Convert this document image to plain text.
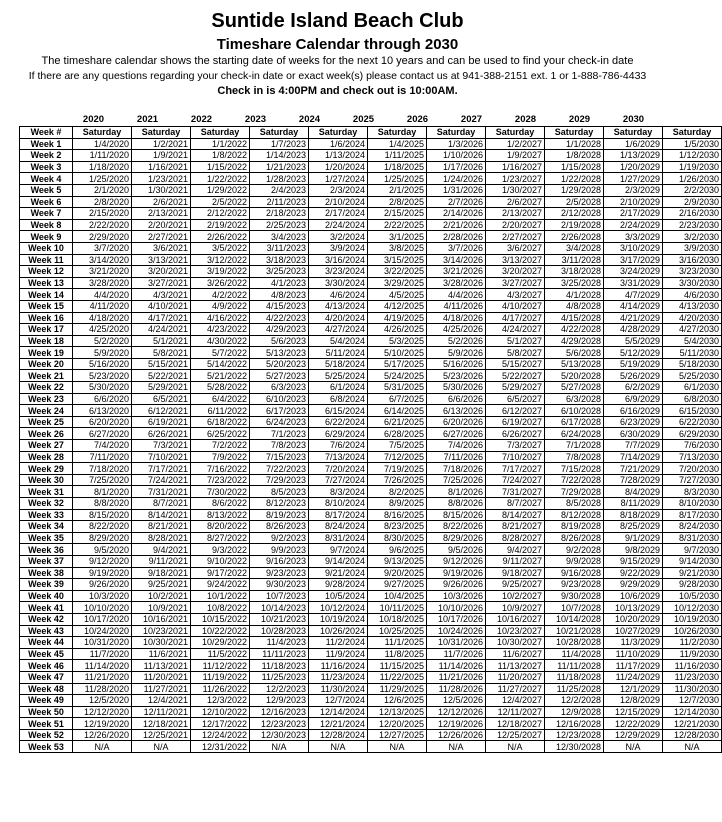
Suntide Island Beach Club
Timeshare Calendar through 2030
The timeshare calendar shows the starting date of weeks for the next 10 years and can be used to find your check-in date
If there are any questions regarding your check-in date or exact week(s) please contact us at 941-388-2151 ext. 1 or 1-888-786-4433
Check in is 4:00PM and check out is 10:00AM.
2020	2021	2022	2023	2024	2025	2026	2027	2028	2029	2030
Week #	Saturday	Saturday	Saturday	Saturday	Saturday	Saturday	Saturday	Saturday	Saturday	Saturday	Saturday
Week 1	1/4/2020	1/2/2021	1/1/2022	1/7/2023	1/6/2024	1/4/2025	1/3/2026	1/2/2027	1/1/2028	1/6/2029	1/5/2030
Week 2	1/11/2020	1/9/2021	1/8/2022	1/14/2023	1/13/2024	1/11/2025	1/10/2026	1/9/2027	1/8/2028	1/13/2029	1/12/2030
Week 3	1/18/2020	1/16/2021	1/15/2022	1/21/2023	1/20/2024	1/18/2025	1/17/2026	1/16/2027	1/15/2028	1/20/2029	1/19/2030
Week 4	1/25/2020	1/23/2021	1/22/2022	1/28/2023	1/27/2024	1/25/2025	1/24/2026	1/23/2027	1/22/2028	1/27/2029	1/26/2030
Week 5	2/1/2020	1/30/2021	1/29/2022	2/4/2023	2/3/2024	2/1/2025	1/31/2026	1/30/2027	1/29/2028	2/3/2029	2/2/2030
Week 6	2/8/2020	2/6/2021	2/5/2022	2/11/2023	2/10/2024	2/8/2025	2/7/2026	2/6/2027	2/5/2028	2/10/2029	2/9/2030
Week 7	2/15/2020	2/13/2021	2/12/2022	2/18/2023	2/17/2024	2/15/2025	2/14/2026	2/13/2027	2/12/2028	2/17/2029	2/16/2030
Week 8	2/22/2020	2/20/2021	2/19/2022	2/25/2023	2/24/2024	2/22/2025	2/21/2026	2/20/2027	2/19/2028	2/24/2029	2/23/2030
Week 9	2/29/2020	2/27/2021	2/26/2022	3/4/2023	3/2/2024	3/1/2025	2/28/2026	2/27/2027	2/26/2028	3/3/2029	3/2/2030
Week 10	3/7/2020	3/6/2021	3/5/2022	3/11/2023	3/9/2024	3/8/2025	3/7/2026	3/6/2027	3/4/2028	3/10/2029	3/9/2030
Week 11	3/14/2020	3/13/2021	3/12/2022	3/18/2023	3/16/2024	3/15/2025	3/14/2026	3/13/2027	3/11/2028	3/17/2029	3/16/2030
Week 12	3/21/2020	3/20/2021	3/19/2022	3/25/2023	3/23/2024	3/22/2025	3/21/2026	3/20/2027	3/18/2028	3/24/2029	3/23/2030
Week 13	3/28/2020	3/27/2021	3/26/2022	4/1/2023	3/30/2024	3/29/2025	3/28/2026	3/27/2027	3/25/2028	3/31/2029	3/30/2030
Week 14	4/4/2020	4/3/2021	4/2/2022	4/8/2023	4/6/2024	4/5/2025	4/4/2026	4/3/2027	4/1/2028	4/7/2029	4/6/2030
Week 15	4/11/2020	4/10/2021	4/9/2022	4/15/2023	4/13/2024	4/12/2025	4/11/2026	4/10/2027	4/8/2028	4/14/2029	4/13/2030
Week 16	4/18/2020	4/17/2021	4/16/2022	4/22/2023	4/20/2024	4/19/2025	4/18/2026	4/17/2027	4/15/2028	4/21/2029	4/20/2030
Week 17	4/25/2020	4/24/2021	4/23/2022	4/29/2023	4/27/2024	4/26/2025	4/25/2026	4/24/2027	4/22/2028	4/28/2029	4/27/2030
Week 18	5/2/2020	5/1/2021	4/30/2022	5/6/2023	5/4/2024	5/3/2025	5/2/2026	5/1/2027	4/29/2028	5/5/2029	5/4/2030
Week 19	5/9/2020	5/8/2021	5/7/2022	5/13/2023	5/11/2024	5/10/2025	5/9/2026	5/8/2027	5/6/2028	5/12/2029	5/11/2030
Week 20	5/16/2020	5/15/2021	5/14/2022	5/20/2023	5/18/2024	5/17/2025	5/16/2026	5/15/2027	5/13/2028	5/19/2029	5/18/2030
Week 21	5/23/2020	5/22/2021	5/21/2022	5/27/2023	5/25/2024	5/24/2025	5/23/2026	5/22/2027	5/20/2028	5/26/2029	5/25/2030
Week 22	5/30/2020	5/29/2021	5/28/2022	6/3/2023	6/1/2024	5/31/2025	5/30/2026	5/29/2027	5/27/2028	6/2/2029	6/1/2030
Week 23	6/6/2020	6/5/2021	6/4/2022	6/10/2023	6/8/2024	6/7/2025	6/6/2026	6/5/2027	6/3/2028	6/9/2029	6/8/2030
Week 24	6/13/2020	6/12/2021	6/11/2022	6/17/2023	6/15/2024	6/14/2025	6/13/2026	6/12/2027	6/10/2028	6/16/2029	6/15/2030
Week 25	6/20/2020	6/19/2021	6/18/2022	6/24/2023	6/22/2024	6/21/2025	6/20/2026	6/19/2027	6/17/2028	6/23/2029	6/22/2030
Week 26	6/27/2020	6/26/2021	6/25/2022	7/1/2023	6/29/2024	6/28/2025	6/27/2026	6/26/2027	6/24/2028	6/30/2029	6/29/2030
Week 27	7/4/2020	7/3/2021	7/2/2022	7/8/2023	7/6/2024	7/5/2025	7/4/2026	7/3/2027	7/1/2028	7/7/2029	7/6/2030
Week 28	7/11/2020	7/10/2021	7/9/2022	7/15/2023	7/13/2024	7/12/2025	7/11/2026	7/10/2027	7/8/2028	7/14/2029	7/13/2030
Week 29	7/18/2020	7/17/2021	7/16/2022	7/22/2023	7/20/2024	7/19/2025	7/18/2026	7/17/2027	7/15/2028	7/21/2029	7/20/2030
Week 30	7/25/2020	7/24/2021	7/23/2022	7/29/2023	7/27/2024	7/26/2025	7/25/2026	7/24/2027	7/22/2028	7/28/2029	7/27/2030
Week 31	8/1/2020	7/31/2021	7/30/2022	8/5/2023	8/3/2024	8/2/2025	8/1/2026	7/31/2027	7/29/2028	8/4/2029	8/3/2030
Week 32	8/8/2020	8/7/2021	8/6/2022	8/12/2023	8/10/2024	8/9/2025	8/8/2026	8/7/2027	8/5/2028	8/11/2029	8/10/2030
Week 33	8/15/2020	8/14/2021	8/13/2022	8/19/2023	8/17/2024	8/16/2025	8/15/2026	8/14/2027	8/12/2028	8/18/2029	8/17/2030
Week 34	8/22/2020	8/21/2021	8/20/2022	8/26/2023	8/24/2024	8/23/2025	8/22/2026	8/21/2027	8/19/2028	8/25/2029	8/24/2030
Week 35	8/29/2020	8/28/2021	8/27/2022	9/2/2023	8/31/2024	8/30/2025	8/29/2026	8/28/2027	8/26/2028	9/1/2029	8/31/2030
Week 36	9/5/2020	9/4/2021	9/3/2022	9/9/2023	9/7/2024	9/6/2025	9/5/2026	9/4/2027	9/2/2028	9/8/2029	9/7/2030
Week 37	9/12/2020	9/11/2021	9/10/2022	9/16/2023	9/14/2024	9/13/2025	9/12/2026	9/11/2027	9/9/2028	9/15/2029	9/14/2030
Week 38	9/19/2020	9/18/2021	9/17/2022	9/23/2023	9/21/2024	9/20/2025	9/19/2026	9/18/2027	9/16/2028	9/22/2029	9/21/2030
Week 39	9/26/2020	9/25/2021	9/24/2022	9/30/2023	9/28/2024	9/27/2025	9/26/2026	9/25/2027	9/23/2028	9/29/2029	9/28/2030
Week 40	10/3/2020	10/2/2021	10/1/2022	10/7/2023	10/5/2024	10/4/2025	10/3/2026	10/2/2027	9/30/2028	10/6/2029	10/5/2030
Week 41	10/10/2020	10/9/2021	10/8/2022	10/14/2023	10/12/2024	10/11/2025	10/10/2026	10/9/2027	10/7/2028	10/13/2029	10/12/2030
Week 42	10/17/2020	10/16/2021	10/15/2022	10/21/2023	10/19/2024	10/18/2025	10/17/2026	10/16/2027	10/14/2028	10/20/2029	10/19/2030
Week 43	10/24/2020	10/23/2021	10/22/2022	10/28/2023	10/26/2024	10/25/2025	10/24/2026	10/23/2027	10/21/2028	10/27/2029	10/26/2030
Week 44	10/31/2020	10/30/2021	10/29/2022	11/4/2023	11/2/2024	11/1/2025	10/31/2026	10/30/2027	10/28/2028	11/3/2029	11/2/2030
Week 45	11/7/2020	11/6/2021	11/5/2022	11/11/2023	11/9/2024	11/8/2025	11/7/2026	11/6/2027	11/4/2028	11/10/2029	11/9/2030
Week 46	11/14/2020	11/13/2021	11/12/2022	11/18/2023	11/16/2024	11/15/2025	11/14/2026	11/13/2027	11/11/2028	11/17/2029	11/16/2030
Week 47	11/21/2020	11/20/2021	11/19/2022	11/25/2023	11/23/2024	11/22/2025	11/21/2026	11/20/2027	11/18/2028	11/24/2029	11/23/2030
Week 48	11/28/2020	11/27/2021	11/26/2022	12/2/2023	11/30/2024	11/29/2025	11/28/2026	11/27/2027	11/25/2028	12/1/2029	11/30/2030
Week 49	12/5/2020	12/4/2021	12/3/2022	12/9/2023	12/7/2024	12/6/2025	12/5/2026	12/4/2027	12/2/2028	12/8/2029	12/7/2030
Week 50	12/12/2020	12/11/2021	12/10/2022	12/16/2023	12/14/2024	12/13/2025	12/12/2026	12/11/2027	12/9/2028	12/15/2029	12/14/2030
Week 51	12/19/2020	12/18/2021	12/17/2022	12/23/2023	12/21/2024	12/20/2025	12/19/2026	12/18/2027	12/16/2028	12/22/2029	12/21/2030
Week 52	12/26/2020	12/25/2021	12/24/2022	12/30/2023	12/28/2024	12/27/2025	12/26/2026	12/25/2027	12/23/2028	12/29/2029	12/28/2030
Week 53	N/A	N/A	12/31/2022	N/A	N/A	N/A	N/A	N/A	12/30/2028	N/A	N/A
